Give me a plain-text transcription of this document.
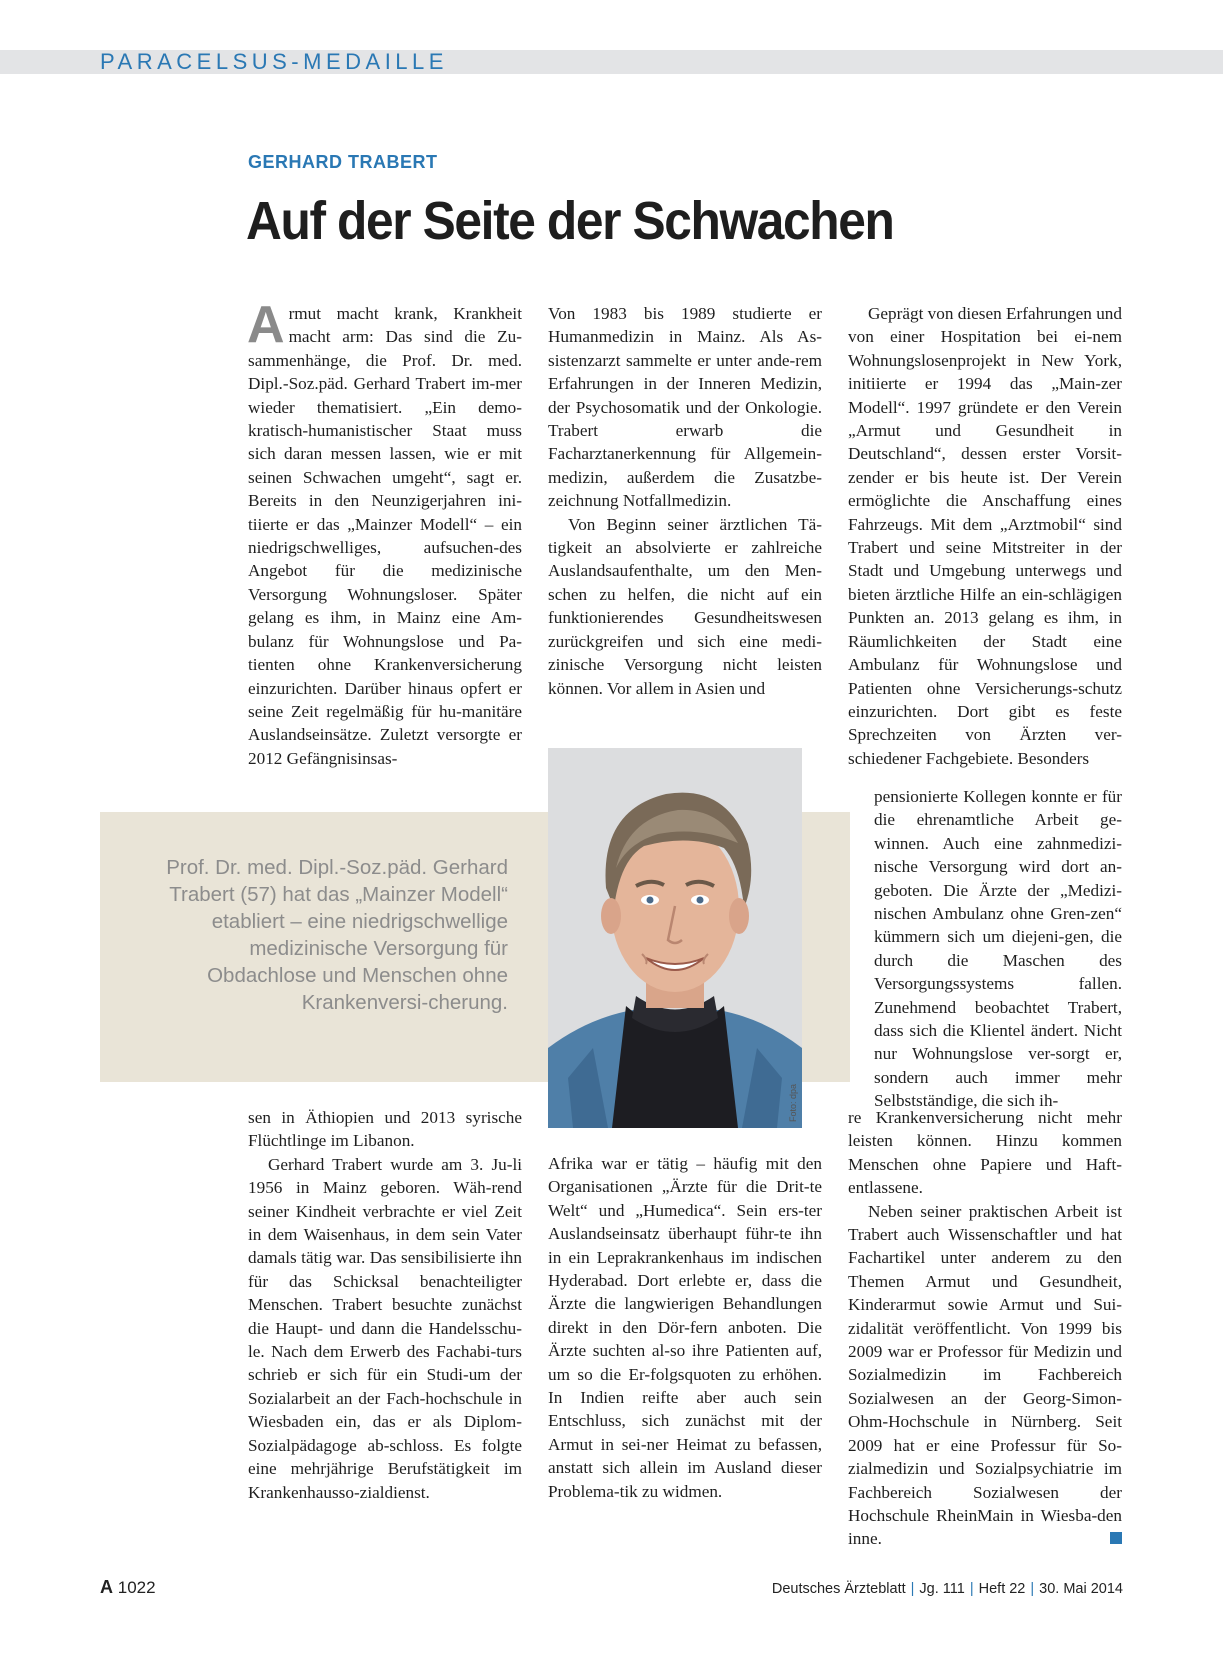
PARACELSUS-MEDAILLE
GERHARD TRABERT
Auf der Seite der Schwachen
Prof. Dr. med. Dipl.-Soz.päd. Gerhard Trabert (57) hat das „Mainzer Modell“ etabliert – eine niedrigschwellige medizinische Versorgung für Obdachlose und Menschen ohne Krankenversi-cherung.

Armut macht krank, Krankheit macht arm: Das sind die Zu-sammenhänge, die Prof. Dr. med. Dipl.-Soz.päd. Gerhard Trabert im-mer wieder thematisiert. „Ein demo-kratisch-humanistischer Staat muss sich daran messen lassen, wie er mit seinen Schwachen umgeht“, sagt er. Bereits in den Neunzigerjahren ini-tiierte er das „Mainzer Modell“ – ein niedrigschwelliges, aufsuchen-des Angebot für die medizinische Versorgung Wohnungsloser. Später gelang es ihm, in Mainz eine Am-bulanz für Wohnungslose und Pa-tienten ohne Krankenversicherung einzurichten. Darüber hinaus opfert er seine Zeit regelmäßig für hu-manitäre Auslandseinsätze. Zuletzt versorgte er 2012 Gefängnisinsas-

sen in Äthiopien und 2013 syrische Flüchtlinge im Libanon.

Gerhard Trabert wurde am 3. Ju-li 1956 in Mainz geboren. Wäh-rend seiner Kindheit verbrachte er viel Zeit in dem Waisenhaus, in dem sein Vater damals tätig war. Das sensibilisierte ihn für das Schicksal benachteiligter Menschen. Trabert besuchte zunächst die Haupt- und dann die Handelsschu-le. Nach dem Erwerb des Fachabi-turs schrieb er sich für ein Studi-um der Sozialarbeit an der Fach-hochschule in Wiesbaden ein, das er als Diplom-Sozialpädagoge ab-schloss. Es folgte eine mehrjährige Berufstätigkeit im Krankenhausso-zialdienst.

Von 1983 bis 1989 studierte er Humanmedizin in Mainz. Als As-sistenzarzt sammelte er unter ande-rem Erfahrungen in der Inneren Medizin, der Psychosomatik und der Onkologie. Trabert erwarb die Facharztanerkennung für Allgemein-medizin, außerdem die Zusatzbe-zeichnung Notfallmedizin.

Von Beginn seiner ärztlichen Tä-tigkeit an absolvierte er zahlreiche Auslandsaufenthalte, um den Men-schen zu helfen, die nicht auf ein funktionierendes Gesundheitswesen zurückgreifen und sich eine medi-zinische Versorgung nicht leisten können. Vor allem in Asien und

Foto: dpa

Afrika war er tätig – häufig mit den Organisationen „Ärzte für die Drit-te Welt“ und „Humedica“. Sein ers-ter Auslandseinsatz überhaupt führ-te ihn in ein Leprakrankenhaus im indischen Hyderabad. Dort erlebte er, dass die Ärzte die langwierigen Behandlungen direkt in den Dör-fern anboten. Die Ärzte suchten al-so ihre Patienten auf, um so die Er-folgsquoten zu erhöhen. In Indien reifte aber auch sein Entschluss, sich zunächst mit der Armut in sei-ner Heimat zu befassen, anstatt sich allein im Ausland dieser Problema-tik zu widmen.

Geprägt von diesen Erfahrungen und von einer Hospitation bei ei-nem Wohnungslosenprojekt in New York, initiierte er 1994 das „Main-zer Modell“. 1997 gründete er den Verein „Armut und Gesundheit in Deutschland“, dessen erster Vorsit-zender er bis heute ist. Der Verein ermöglichte die Anschaffung eines Fahrzeugs. Mit dem „Arztmobil“ sind Trabert und seine Mitstreiter in der Stadt und Umgebung unterwegs und bieten ärztliche Hilfe an ein-schlägigen Punkten an. 2013 gelang es ihm, in Räumlichkeiten der Stadt eine Ambulanz für Wohnungslose und Patienten ohne Versicherungs-schutz einzurichten. Dort gibt es feste Sprechzeiten von Ärzten ver-schiedener Fachgebiete. Besonders

pensionierte Kollegen konnte er für die ehrenamtliche Arbeit ge-winnen. Auch eine zahnmedizi-nische Versorgung wird dort an-geboten. Die Ärzte der „Medizi-nischen Ambulanz ohne Gren-zen“ kümmern sich um diejeni-gen, die durch die Maschen des Versorgungssystems fallen. Zunehmend beobachtet Trabert, dass sich die Klientel ändert. Nicht nur Wohnungslose ver-sorgt er, sondern auch immer mehr Selbstständige, die sich ih-

re Krankenversicherung nicht mehr leisten können. Hinzu kommen Menschen ohne Papiere und Haft-entlassene.

Neben seiner praktischen Arbeit ist Trabert auch Wissenschaftler und hat Fachartikel unter anderem zu den Themen Armut und Gesundheit, Kinderarmut sowie Armut und Sui-zidalität veröffentlicht. Von 1999 bis 2009 war er Professor für Medizin und Sozialmedizin im Fachbereich Sozialwesen an der Georg-Simon-Ohm-Hochschule in Nürnberg. Seit 2009 hat er eine Professur für So-zialmedizin und Sozialpsychiatrie im Fachbereich Sozialwesen der Hochschule RheinMain in Wiesba-den inne.

A 1022	Deutsches Ärzteblatt | Jg. 111 | Heft 22 | 30. Mai 2014
